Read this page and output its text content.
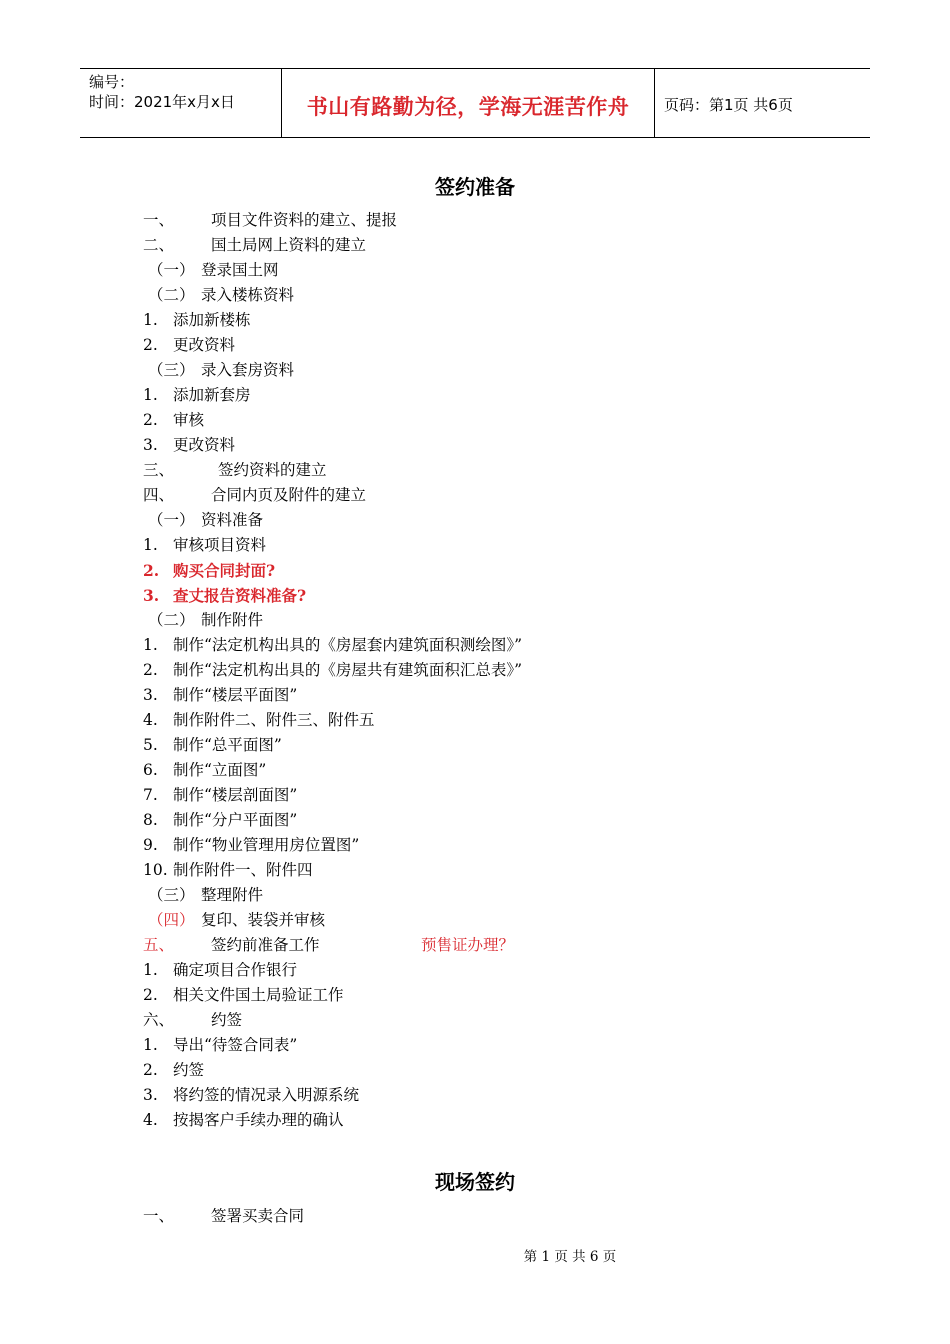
编号：
时间：2021年x月x日	书山有路勤为径，学海无涯苦作舟	页码：第1页 共6页
签约准备
一、 项目文件资料的建立、提报
二、 国土局网上资料的建立
（一） 登录国土网
（二） 录入楼栋资料
1. 添加新楼栋
2. 更改资料
（三） 录入套房资料
1. 添加新套房
2. 审核
3. 更改资料
三、	签约资料的建立
四、 合同内页及附件的建立
（一） 资料准备
1. 审核项目资料
2. 购买合同封面?
3. 查丈报告资料准备?
（二） 制作附件
1. 制作“法定机构出具的《房屋套内建筑面积测绘图》”
2. 制作“法定机构出具的《房屋共有建筑面积汇总表》”
3. 制作“楼层平面图”
4. 制作附件二、附件三、附件五
5. 制作“总平面图”
6. 制作“立面图”
7. 制作“楼层剖面图”
8. 制作“分户平面图”
9. 制作“物业管理用房位置图”
10. 制作附件一、附件四
（三） 整理附件
（四） 复印、装袋并审核
五、 签约前准备工作	预售证办理？
1. 确定项目合作银行
2. 相关文件国土局验证工作
六、 约签
1. 导出“待签合同表”
2. 约签
3. 将约签的情况录入明源系统
4. 按揭客户手续办理的确认
现场签约
一、 签署买卖合同
第 1 页 共 6 页
